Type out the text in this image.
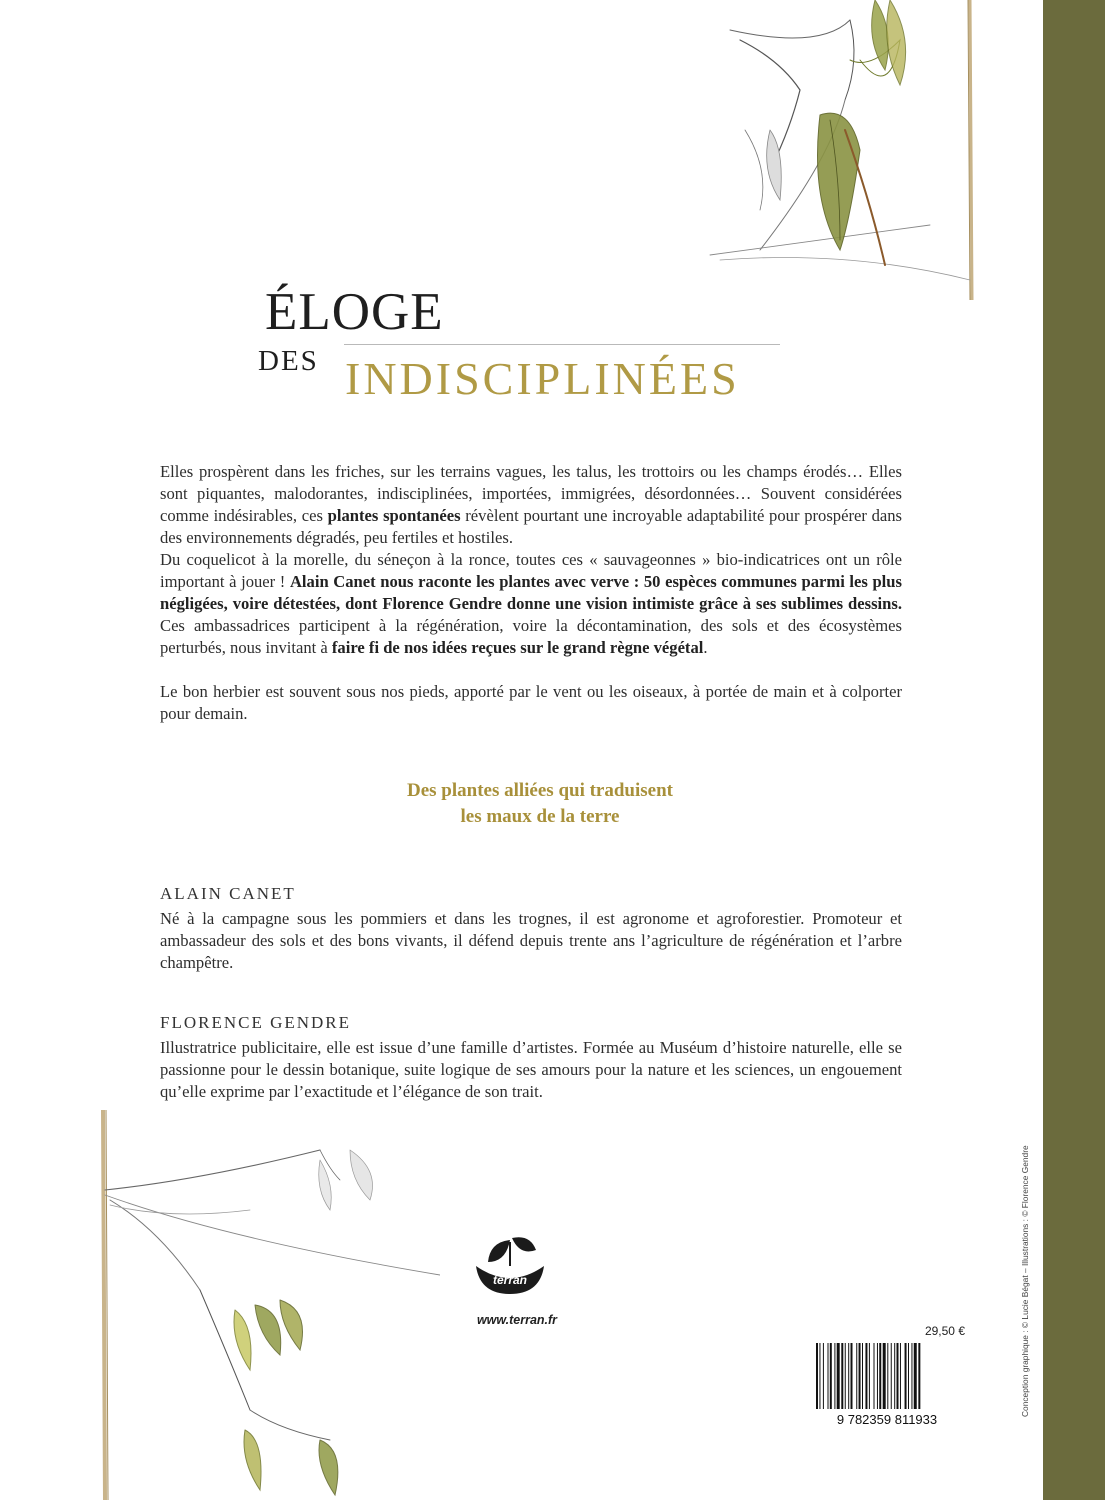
ÉLOGE
DES INDISCIPLINÉES

Elles prospèrent dans les friches, sur les terrains vagues, les talus, les trottoirs ou les champs érodés… Elles sont piquantes, malodorantes, indisciplinées, importées, immigrées, désordonnées… Souvent considérées comme indésirables, ces plantes spontanées révèlent pourtant une incroyable adaptabilité pour prospérer dans des environnements dégradés, peu fertiles et hostiles.

Du coquelicot à la morelle, du séneçon à la ronce, toutes ces « sauvageonnes » bio-indicatrices ont un rôle important à jouer ! Alain Canet nous raconte les plantes avec verve : 50 espèces communes parmi les plus négligées, voire détestées, dont Florence Gendre donne une vision intimiste grâce à ses sublimes dessins. Ces ambassadrices participent à la régénération, voire la décontamination, des sols et des écosystèmes perturbés, nous invitant à faire fi de nos idées reçues sur le grand règne végétal.

Le bon herbier est souvent sous nos pieds, apporté par le vent ou les oiseaux, à portée de main et à colporter pour demain.

Des plantes alliées qui traduisent
les maux de la terre
ALAIN CANET

Né à la campagne sous les pommiers et dans les trognes, il est agronome et agroforestier. Promoteur et ambassadeur des sols et des bons vivants, il défend depuis trente ans l’agriculture de régénération et l’arbre champêtre.

FLORENCE GENDRE

Illustratrice publicitaire, elle est issue d’une famille d’artistes. Formée au Muséum d’histoire naturelle, elle se passionne pour le dessin botanique, suite logique de ses amours pour la nature et les sciences, un engouement qu’elle exprime par l’exactitude et l’élégance de son trait.

terran
www.terran.fr
29,50 €
9 782359 811933
Conception graphique : © Lucie Bégat – Illustrations : © Florence Gendre
